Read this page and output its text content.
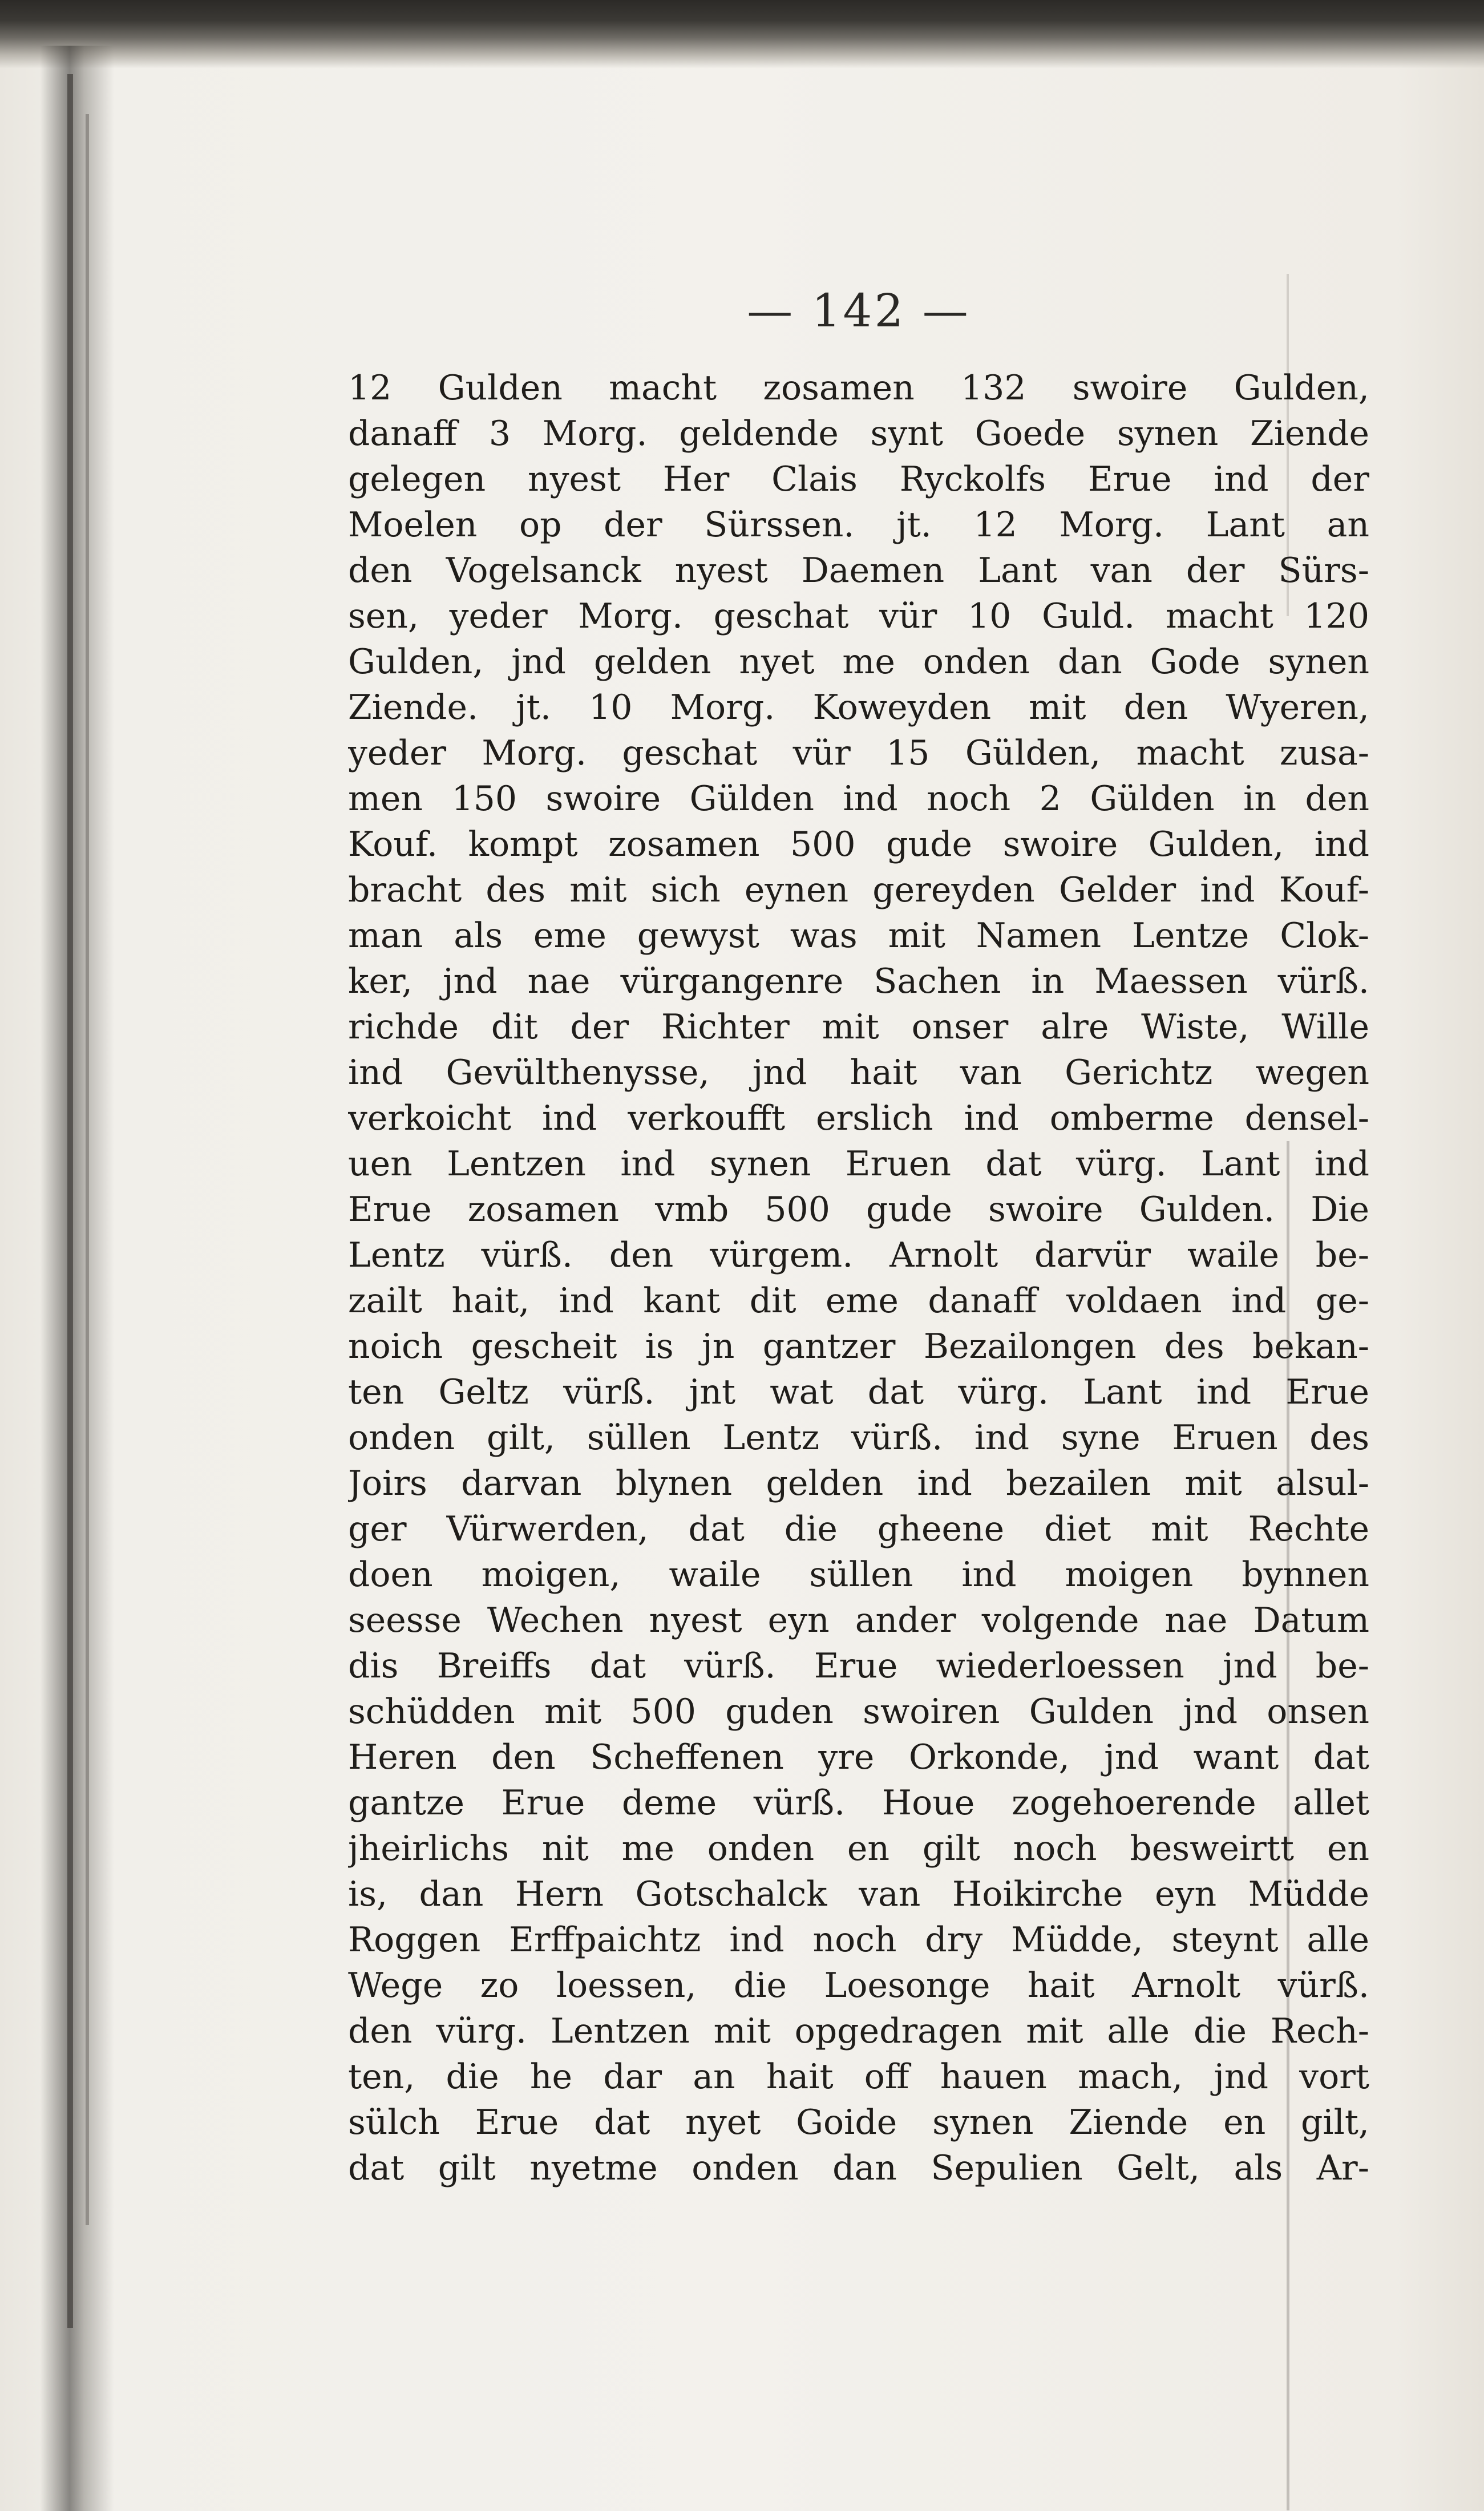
— 142 —
12 Gulden macht zosamen 132 swoire Gulden,
danaff 3 Morg. geldende synt Goede synen Ziende
gelegen nyest Her Clais Ryckolfs Erue ind der
Moelen op der Sürssen. jt. 12 Morg. Lant an
den Vogelsanck nyest Daemen Lant van der Sürs-
sen, yeder Morg. geschat vür 10 Guld. macht 120
Gulden, jnd gelden nyet me onden dan Gode synen
Ziende. jt. 10 Morg. Koweyden mit den Wyeren,
yeder Morg. geschat vür 15 Gülden, macht zusa-
men 150 swoire Gülden ind noch 2 Gülden in den
Kouf. kompt zosamen 500 gude swoire Gulden, ind
bracht des mit sich eynen gereyden Gelder ind Kouf-
man als eme gewyst was mit Namen Lentze Clok-
ker, jnd nae vürgangenre Sachen in Maessen vürß.
richde dit der Richter mit onser alre Wiste, Wille
ind Gevülthenysse, jnd hait van Gerichtz wegen
verkoicht ind verkoufft erslich ind omberme densel-
uen Lentzen ind synen Eruen dat vürg. Lant ind
Erue zosamen vmb 500 gude swoire Gulden. Die
Lentz vürß. den vürgem. Arnolt darvür waile be-
zailt hait, ind kant dit eme danaff voldaen ind ge-
noich gescheit is jn gantzer Bezailongen des bekan-
ten Geltz vürß. jnt wat dat vürg. Lant ind Erue
onden gilt, süllen Lentz vürß. ind syne Eruen des
Joirs darvan blynen gelden ind bezailen mit alsul-
ger Vürwerden, dat die gheene diet mit Rechte
doen moigen, waile süllen ind moigen bynnen
seesse Wechen nyest eyn ander volgende nae Datum
dis Breiffs dat vürß. Erue wiederloessen jnd be-
schüdden mit 500 guden swoiren Gulden jnd onsen
Heren den Scheffenen yre Orkonde, jnd want dat
gantze Erue deme vürß. Houe zogehoerende allet
jheirlichs nit me onden en gilt noch besweirtt en
is, dan Hern Gotschalck van Hoikirche eyn Müdde
Roggen Erffpaichtz ind noch dry Müdde, steynt alle
Wege zo loessen, die Loesonge hait Arnolt vürß.
den vürg. Lentzen mit opgedragen mit alle die Rech-
ten, die he dar an hait off hauen mach, jnd vort
sülch Erue dat nyet Goide synen Ziende en gilt,
dat gilt nyetme onden dan Sepulien Gelt, als Ar-
